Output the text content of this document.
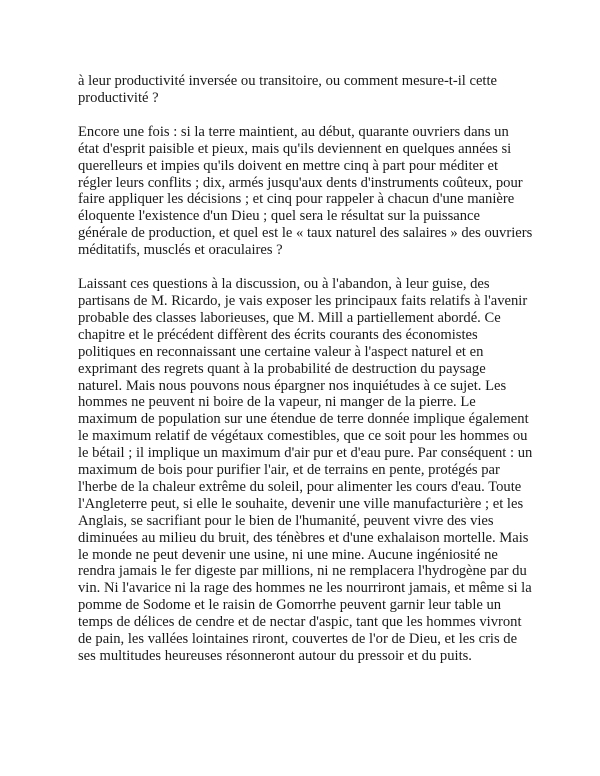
à leur productivité inversée ou transitoire, ou comment mesure-t-il cette productivité ?

Encore une fois : si la terre maintient, au début, quarante ouvriers dans un état d'esprit paisible et pieux, mais qu'ils deviennent en quelques années si querelleurs et impies qu'ils doivent en mettre cinq à part pour méditer et régler leurs conflits ; dix, armés jusqu'aux dents d'instruments coûteux, pour faire appliquer les décisions ; et cinq pour rappeler à chacun d'une manière éloquente l'existence d'un Dieu ; quel sera le résultat sur la puissance générale de production, et quel est le « taux naturel des salaires » des ouvriers méditatifs, musclés et oraculaires ?

Laissant ces questions à la discussion, ou à l'abandon, à leur guise, des partisans de M. Ricardo, je vais exposer les principaux faits relatifs à l'avenir probable des classes laborieuses, que M. Mill a partiellement abordé. Ce chapitre et le précédent diffèrent des écrits courants des économistes politiques en reconnaissant une certaine valeur à l'aspect naturel et en exprimant des regrets quant à la probabilité de destruction du paysage naturel. Mais nous pouvons nous épargner nos inquiétudes à ce sujet. Les hommes ne peuvent ni boire de la vapeur, ni manger de la pierre. Le maximum de population sur une étendue de terre donnée implique également le maximum relatif de végétaux comestibles, que ce soit pour les hommes ou le bétail ; il implique un maximum d'air pur et d'eau pure. Par conséquent : un maximum de bois pour purifier l'air, et de terrains en pente, protégés par l'herbe de la chaleur extrême du soleil, pour alimenter les cours d'eau. Toute l'Angleterre peut, si elle le souhaite, devenir une ville manufacturière ; et les Anglais, se sacrifiant pour le bien de l'humanité, peuvent vivre des vies diminuées au milieu du bruit, des ténèbres et d'une exhalaison mortelle. Mais le monde ne peut devenir une usine, ni une mine. Aucune ingéniosité ne rendra jamais le fer digeste par millions, ni ne remplacera l'hydrogène par du vin. Ni l'avarice ni la rage des hommes ne les nourriront jamais, et même si la pomme de Sodome et le raisin de Gomorrhe peuvent garnir leur table un temps de délices de cendre et de nectar d'aspic, tant que les hommes vivront de pain, les vallées lointaines riront, couvertes de l'or de Dieu, et les cris de ses multitudes heureuses résonneront autour du pressoir et du puits.
